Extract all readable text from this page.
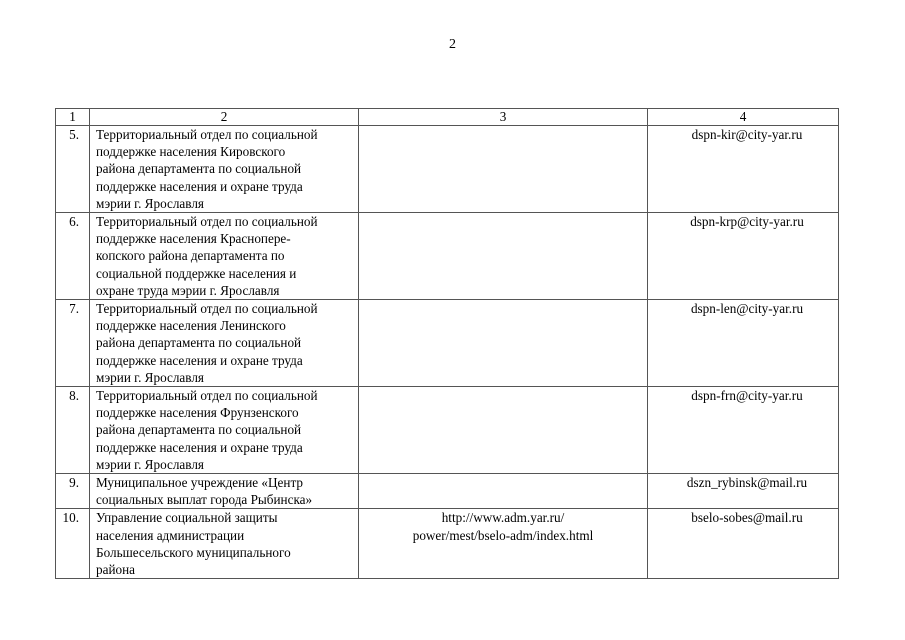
2
1	2	3	4
5.	Территориальный отдел по социальной
поддержке населения Кировского
района департамента по социальной
поддержке населения и охране труда
мэрии г. Ярославля		dspn-kir@city-yar.ru
6.	Территориальный отдел по социальной
поддержке населения Краснопере-
копского района департамента по
социальной поддержке населения и
охране труда мэрии г. Ярославля		dspn-krp@city-yar.ru
7.	Территориальный отдел по социальной
поддержке населения Ленинского
района департамента по социальной
поддержке населения и охране труда
мэрии г. Ярославля		dspn-len@city-yar.ru
8.	Территориальный отдел по социальной
поддержке населения Фрунзенского
района департамента по социальной
поддержке населения и охране труда
мэрии г. Ярославля		dspn-frn@city-yar.ru
9.	Муниципальное учреждение «Центр
социальных выплат города Рыбинска»		dszn_rybinsk@mail.ru
10.	Управление социальной защиты
населения администрации
Большесельского муниципального
района	http://www.adm.yar.ru/
power/mest/bselo-adm/index.html	bselo-sobes@mail.ru
